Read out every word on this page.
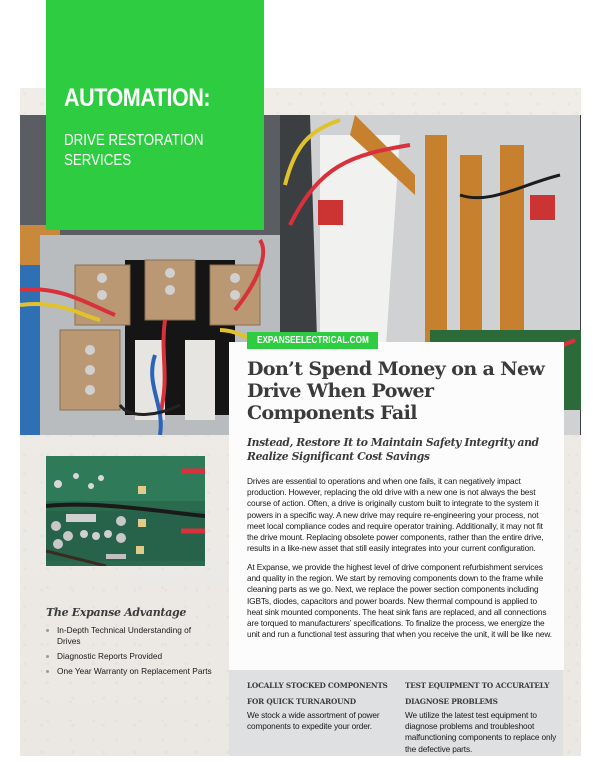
AUTOMATION:
DRIVE RESTORATION
SERVICES
Don’t Spend Money on a New Drive When Power Components Fail
Instead, Restore It to Maintain Safety Integrity and Realize Significant Cost Savings

Drives are essential to operations and when one fails, it can negatively impact production. However, replacing the old drive with a new one is not always the best course of action. Often, a drive is originally custom built to integrate to the system it powers in a specific way. A new drive may require re-engineering your process, not meet local compliance codes and require operator training. Additionally, it may not fit the drive mount. Replacing obsolete power components, rather than the entire drive, results in a like-new asset that still easily integrates into your current configuration.

At Expanse, we provide the highest level of drive component refurbishment services and quality in the region. We start by removing components down to the frame while cleaning parts as we go. Next, we replace the power section components including IGBTs, diodes, capacitors and power boards. New thermal compound is applied to heat sink mounted components. The heat sink fans are replaced, and all connections are torqued to manufacturers’ specifications. To finalize the process, we energize the unit and run a functional test assuring that when you receive the unit, it will be like new.

EXPANSEELECTRICAL.COM
LOCALLY STOCKED COMPONENTS
FOR QUICK TURNAROUND

We stock a wide assortment of power components to expedite your order.

TEST EQUIPMENT TO ACCURATELY
DIAGNOSE PROBLEMS

We utilize the latest test equipment to diagnose problems and troubleshoot malfunctioning components to replace only the defective parts.

The Expanse Advantage
In-Depth Technical Understanding of Drives
Diagnostic Reports Provided
One Year Warranty on Replacement Parts
